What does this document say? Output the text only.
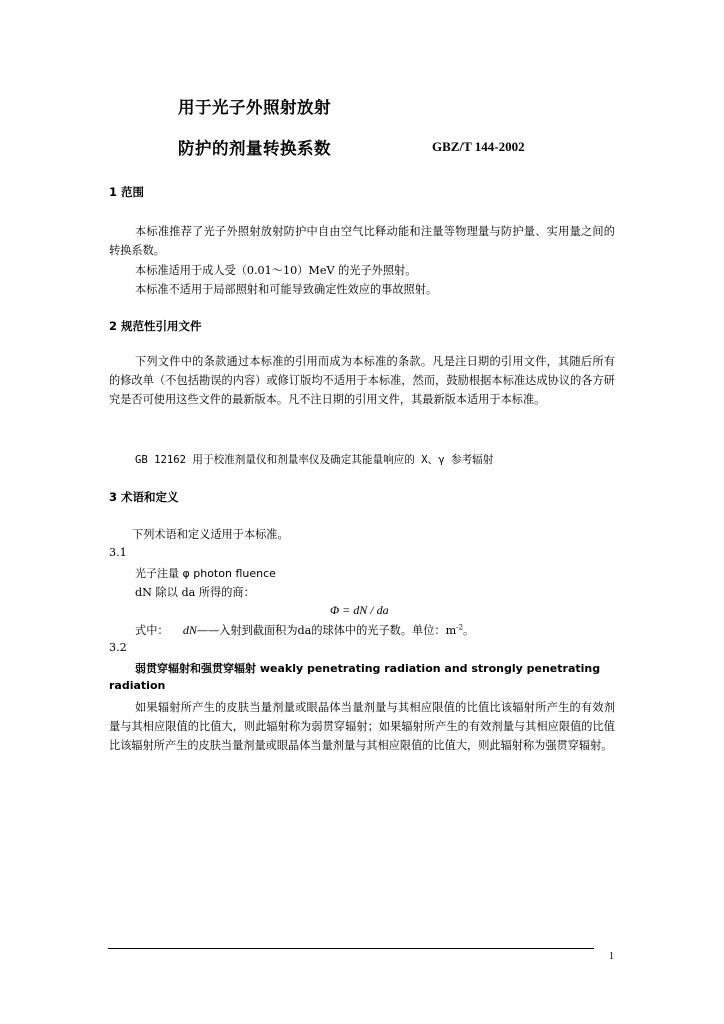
用于光子外照射放射
防护的剂量转换系数	GBZ/T 144-2002
1 范围
本标准推荐了光子外照射放射防护中自由空气比释动能和注量等物理量与防护量、实用量之间的转换系数。
本标准适用于成人受（0.01～10）MeV 的光子外照射。
本标准不适用于局部照射和可能导致确定性效应的事故照射。
2 规范性引用文件
下列文件中的条款通过本标准的引用而成为本标准的条款。凡是注日期的引用文件，其随后所有的修改单（不包括勘误的内容）或修订版均不适用于本标准，然而，鼓励根据本标准达成协议的各方研究是否可使用这些文件的最新版本。凡不注日期的引用文件，其最新版本适用于本标准。
GB 12162 用于校准剂量仪和剂量率仪及确定其能量响应的 X、γ 参考辐射
3 术语和定义
下列术语和定义适用于本标准。
3.1
光子注量 φ photon fluence
dN 除以 da 所得的商：
Φ = dN / da
式中： dN——入射到截面积为da的球体中的光子数。单位：$m^{-2}$。
3.2
弱贯穿辐射和强贯穿辐射 weakly penetrating radiation and strongly penetrating
radiation
如果辐射所产生的皮肤当量剂量或眼晶体当量剂量与其相应限值的比值比该辐射所产生的有效剂量与其相应限值的比值大，则此辐射称为弱贯穿辐射；如果辐射所产生的有效剂量与其相应限值的比值比该辐射所产生的皮肤当量剂量或眼晶体当量剂量与其相应限值的比值大，则此辐射称为强贯穿辐射。
1
